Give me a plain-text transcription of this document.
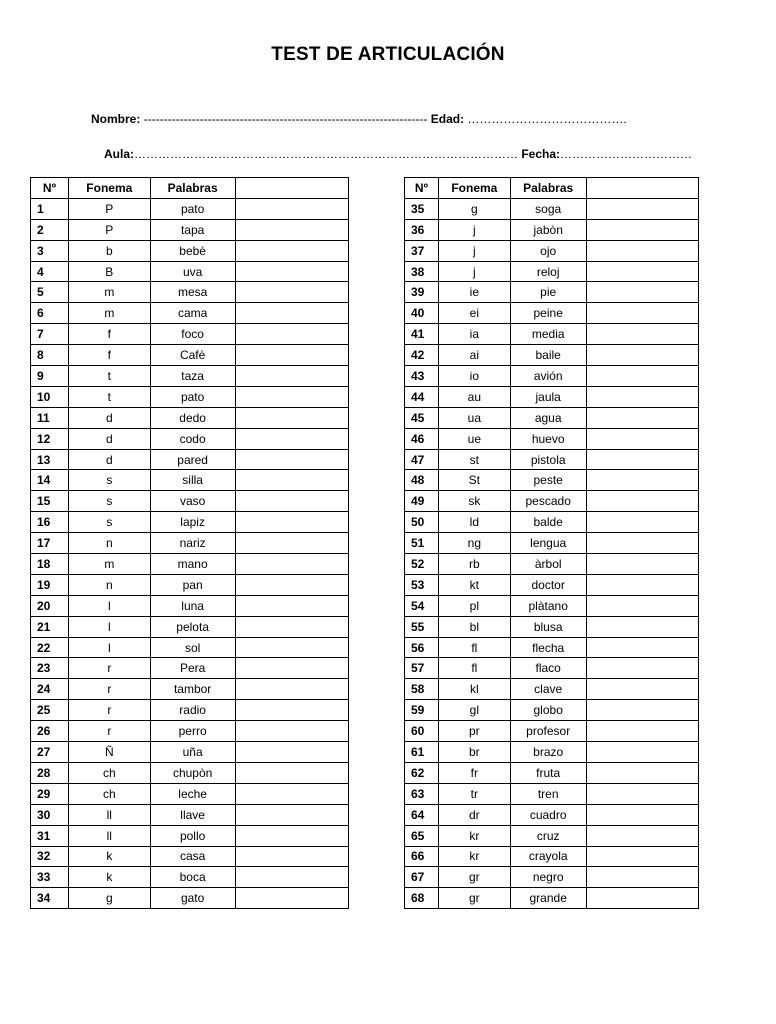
TEST DE ARTICULACIÓN
Nombre: ----------------------------------------------------------------------- Edad: ………………………………….
Aula:…………………………………………………………………………………… Fecha:……………………………
Nº	Fonema	Palabras	
1	P	pato	
2	P	tapa	
3	b	bebè	
4	B	uva	
5	m	mesa	
6	m	cama	
7	f	foco	
8	f	Cafè	
9	t	taza	
10	t	pato	
11	d	dedo	
12	d	codo	
13	d	pared	
14	s	silla	
15	s	vaso	
16	s	lapiz	
17	n	nariz	
18	m	mano	
19	n	pan	
20	l	luna	
21	l	pelota	
22	l	sol	
23	r	Pera	
24	r	tambor	
25	r	radio	
26	r	perro	
27	Ñ	uña	
28	ch	chupòn	
29	ch	leche	
30	ll	llave	
31	ll	pollo	
32	k	casa	
33	k	boca	
34	g	gato	
Nº	Fonema	Palabras	
35	g	soga	
36	j	jabòn	
37	j	ojo	
38	j	reloj	
39	ie	pie	
40	ei	peine	
41	ia	media	
42	ai	baile	
43	io	avión	
44	au	jaula	
45	ua	agua	
46	ue	huevo	
47	st	pistola	
48	St	peste	
49	sk	pescado	
50	ld	balde	
51	ng	lengua	
52	rb	àrbol	
53	kt	doctor	
54	pl	plàtano	
55	bl	blusa	
56	fl	flecha	
57	fl	flaco	
58	kl	clave	
59	gl	globo	
60	pr	profesor	
61	br	brazo	
62	fr	fruta	
63	tr	tren	
64	dr	cuadro	
65	kr	cruz	
66	kr	crayola	
67	gr	negro	
68	gr	grande	
